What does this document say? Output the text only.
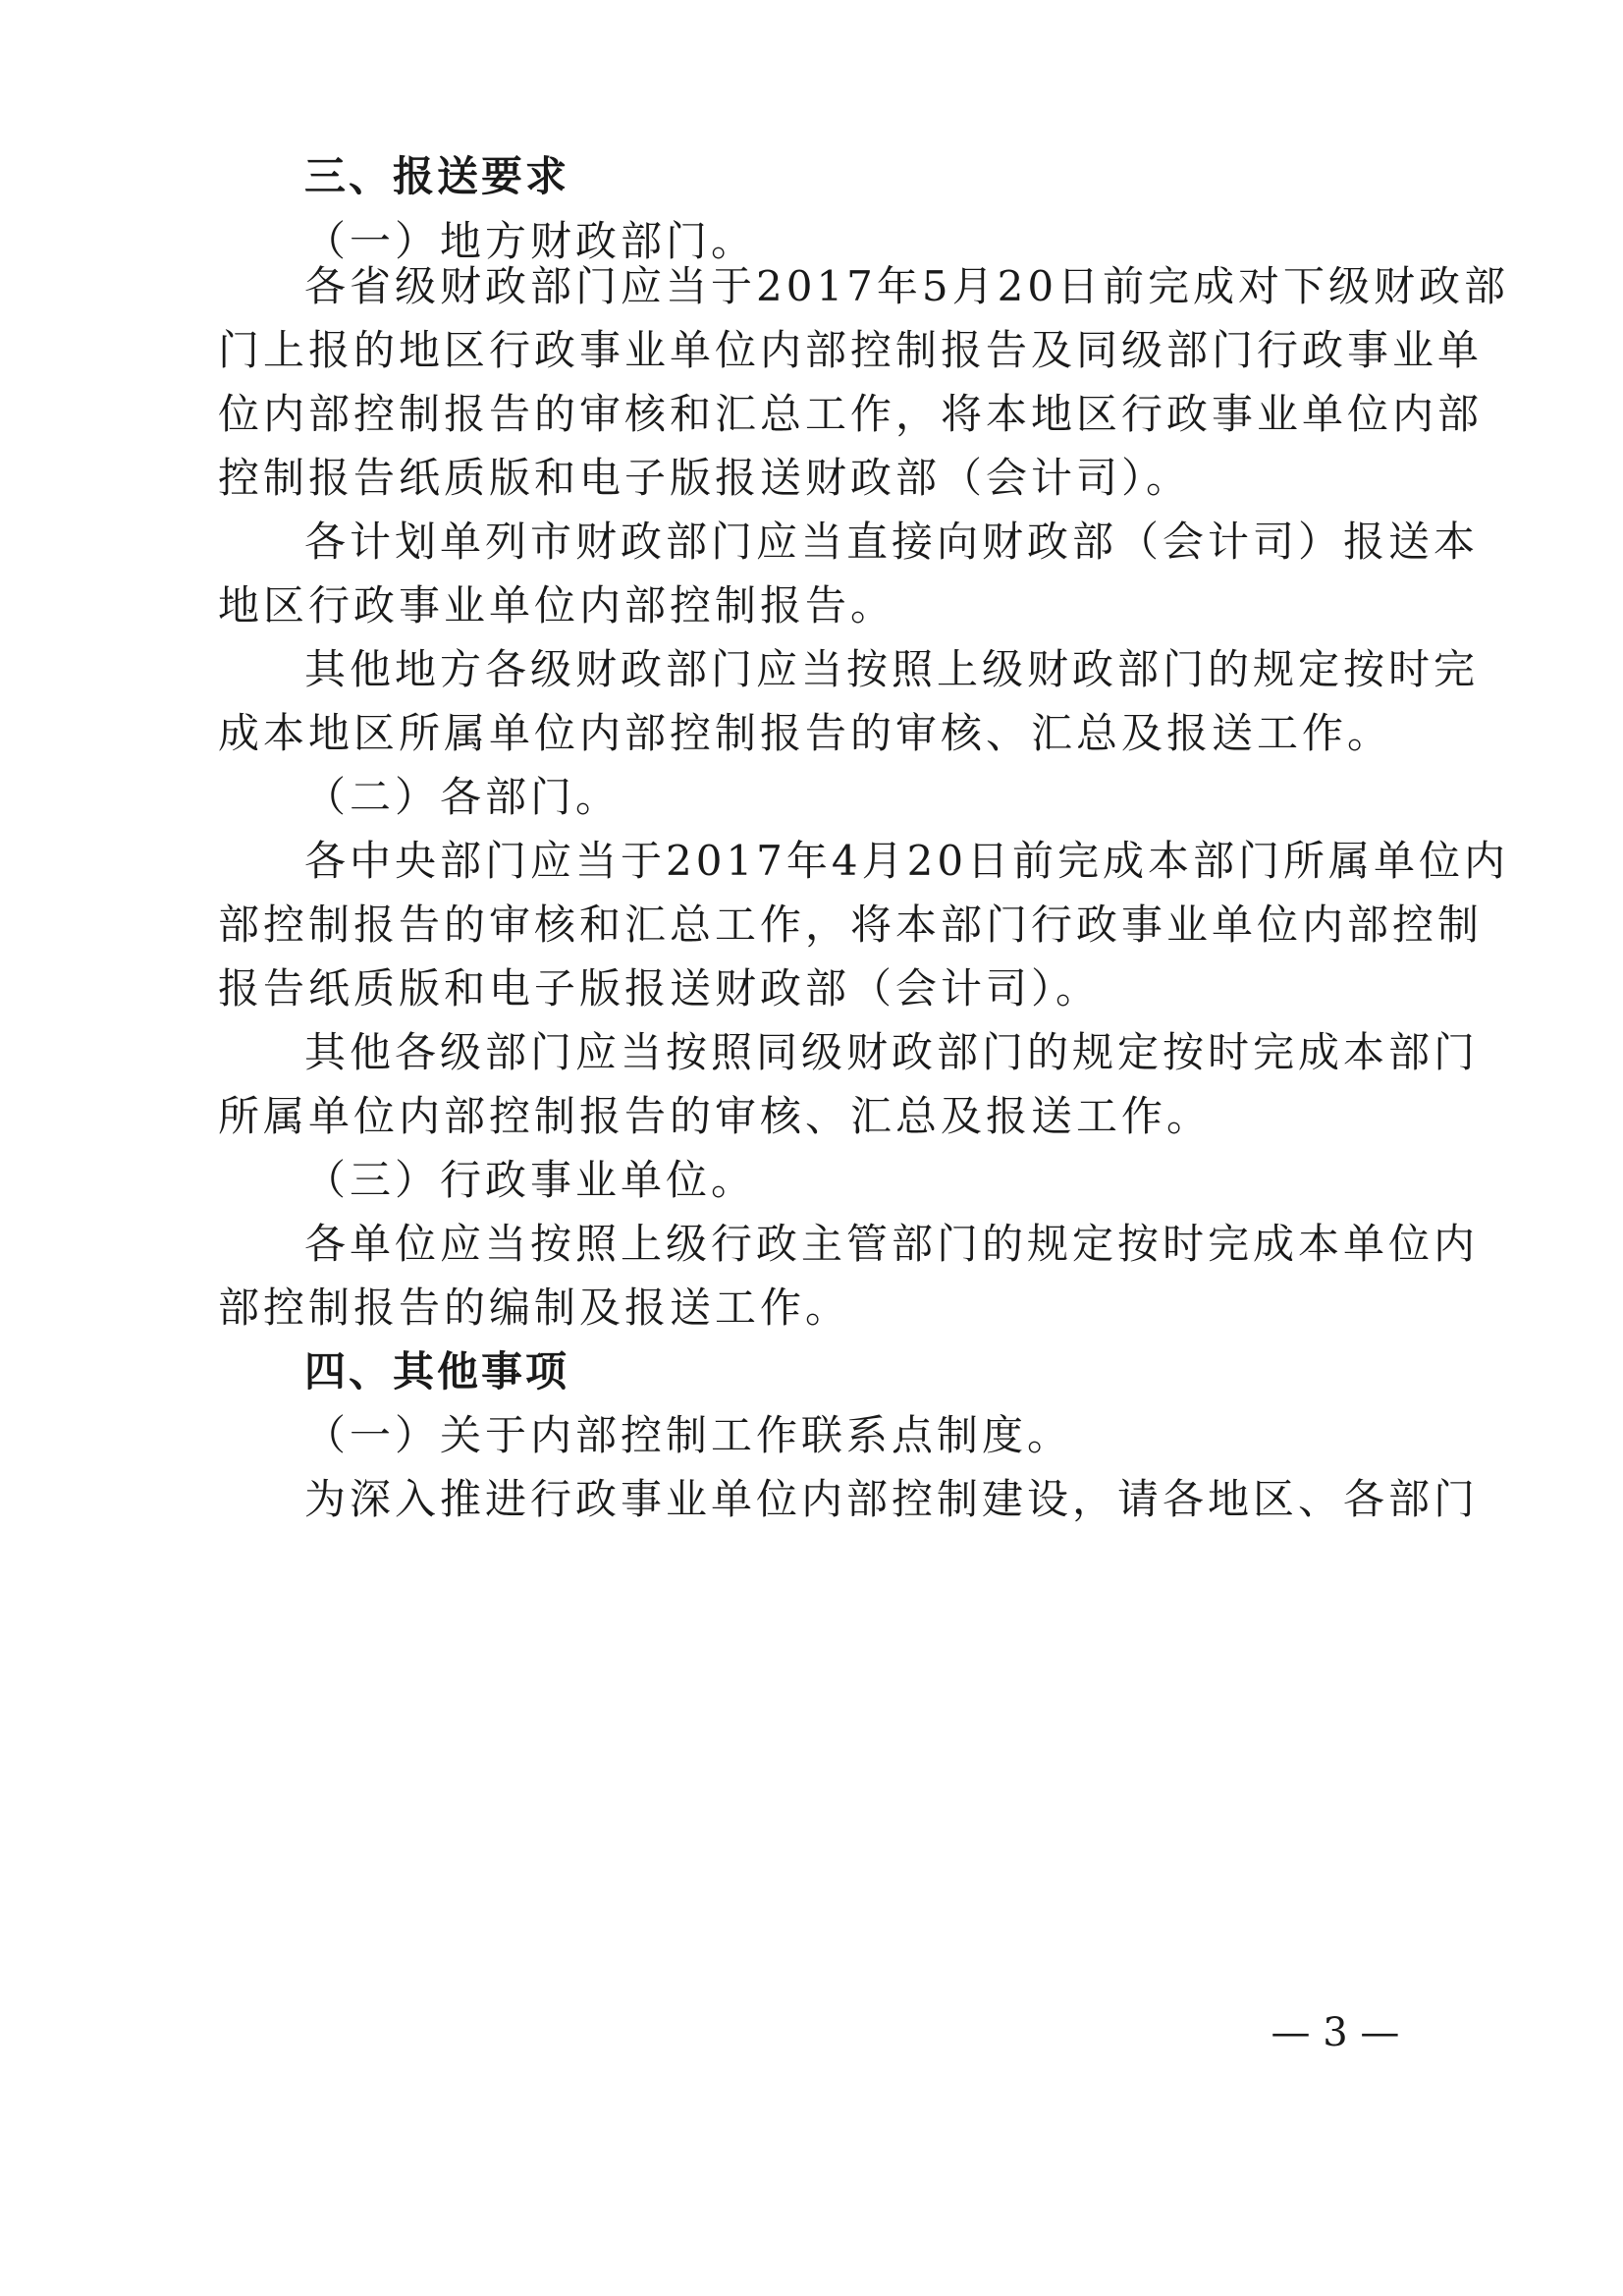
三、报送要求
（一）地方财政部门。
各省级财政部门应当于2017年5月20日前完成对下级财政部
门上报的地区行政事业单位内部控制报告及同级部门行政事业单
位内部控制报告的审核和汇总工作，将本地区行政事业单位内部
控制报告纸质版和电子版报送财政部（会计司）。
各计划单列市财政部门应当直接向财政部（会计司）报送本
地区行政事业单位内部控制报告。
其他地方各级财政部门应当按照上级财政部门的规定按时完
成本地区所属单位内部控制报告的审核、汇总及报送工作。
（二）各部门。
各中央部门应当于2017年4月20日前完成本部门所属单位内
部控制报告的审核和汇总工作，将本部门行政事业单位内部控制
报告纸质版和电子版报送财政部（会计司）。
其他各级部门应当按照同级财政部门的规定按时完成本部门
所属单位内部控制报告的审核、汇总及报送工作。
（三）行政事业单位。
各单位应当按照上级行政主管部门的规定按时完成本单位内
部控制报告的编制及报送工作。
四、其他事项
（一）关于内部控制工作联系点制度。
为深入推进行政事业单位内部控制建设，请各地区、各部门
— 3 —
